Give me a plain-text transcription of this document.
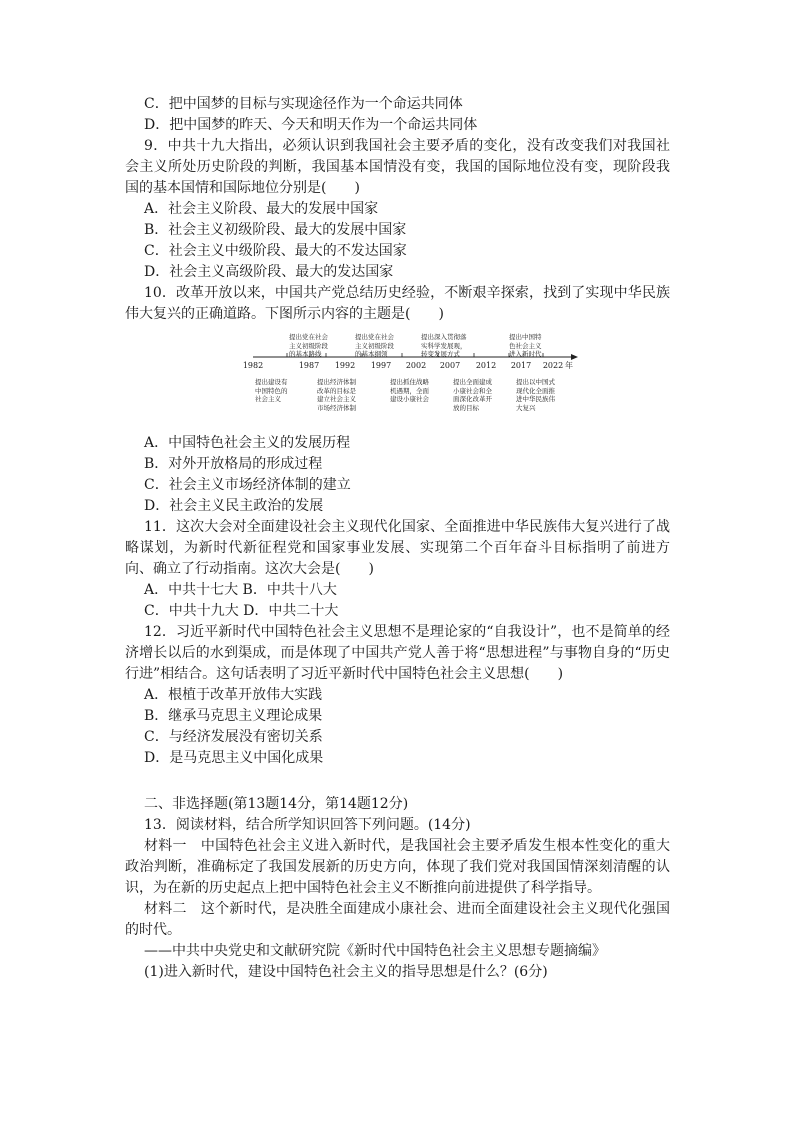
C．把中国梦的目标与实现途径作为一个命运共同体

D．把中国梦的昨天、今天和明天作为一个命运共同体

9．中共十九大指出，必须认识到我国社会主要矛盾的变化，没有改变我们对我国社会主义所处历史阶段的判断，我国基本国情没有变，我国的国际地位没有变，现阶段我国的基本国情和国际地位分别是(　　)

A．社会主义阶段、最大的发展中国家

B．社会主义初级阶段、最大的发展中国家

C．社会主义中级阶段、最大的不发达国家

D．社会主义高级阶段、最大的发达国家

10．改革开放以来，中国共产党总结历史经验，不断艰辛探索，找到了实现中华民族伟大复兴的正确道路。下图所示内容的主题是(　　)

1982	1987 1992 1997 2002 2007 2012 2017 2022 年
提出党在社会
主义初级阶段
的基本路线
提出党在社会
主义初级阶段
的基本纲领
提出深入贯彻落
实科学发展观，
转变发展方式
提出中国特
色社会主义
进入新时代
提出建设有
中国特色的
社会主义
提出经济体制
改革的目标是
建立社会主义
市场经济体制
提出抓住战略
机遇期，全面
建设小康社会
提出全面建成
小康社会和全
面深化改革开
放的目标
提出以中国式
现代化全面推
进中华民族伟
大复兴

A．中国特色社会主义的发展历程

B．对外开放格局的形成过程

C．社会主义市场经济体制的建立

D．社会主义民主政治的发展

11．这次大会对全面建设社会主义现代化国家、全面推进中华民族伟大复兴进行了战略谋划，为新时代新征程党和国家事业发展、实现第二个百年奋斗目标指明了前进方向、确立了行动指南。这次大会是(　　)

A．中共十七大 B．中共十八大

C．中共十九大 D．中共二十大

12．习近平新时代中国特色社会主义思想不是理论家的“自我设计”，也不是简单的经济增长以后的水到渠成，而是体现了中国共产党人善于将“思想进程”与事物自身的“历史行进”相结合。这句话表明了习近平新时代中国特色社会主义思想(　　)

A．根植于改革开放伟大实践

B．继承马克思主义理论成果

C．与经济发展没有密切关系

D．是马克思主义中国化成果

二、非选择题(第13题14分，第14题12分)

13．阅读材料，结合所学知识回答下列问题。(14分)

材料一　中国特色社会主义进入新时代，是我国社会主要矛盾发生根本性变化的重大政治判断，准确标定了我国发展新的历史方向，体现了我们党对我国国情深刻清醒的认识，为在新的历史起点上把中国特色社会主义不断推向前进提供了科学指导。

材料二　这个新时代，是决胜全面建成小康社会、进而全面建设社会主义现代化强国的时代。

——中共中央党史和文献研究院《新时代中国特色社会主义思想专题摘编》

(1)进入新时代，建设中国特色社会主义的指导思想是什么？(6分)
